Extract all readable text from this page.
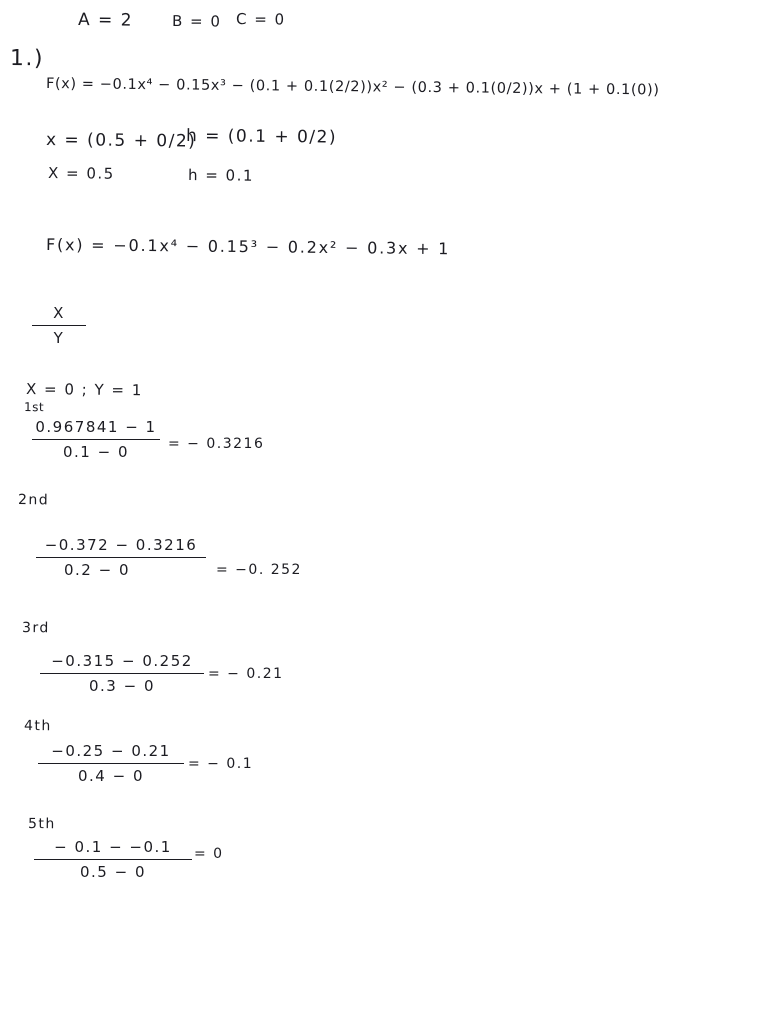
A = 2	B = 0 C = 0
1.)
F(x) = −0.1x⁴ − 0.15x³ − (0.1 + 0.1(2/2))x² − (0.3 + 0.1(0/2))x + (1 + 0.1(0))
x = (0.5 + 0/2)
h = (0.1 + 0/2)
X = 0.5	h = 0.1
F(x) = −0.1x⁴ − 0.15³ − 0.2x² − 0.3x + 1
X
Y
X = 0 ; Y = 1
1st
0.967841 − 1
0.1 − 0	= − 0.3216
2nd
−0.372 − 0.3216
0.2 − 0	= −0. 252
3rd
−0.315 − 0.252
0.3 − 0
= − 0.21
4th
−0.25 − 0.21
0.4 − 0
= − 0.1
5th
− 0.1 − −0.1
0.5 − 0
= 0
